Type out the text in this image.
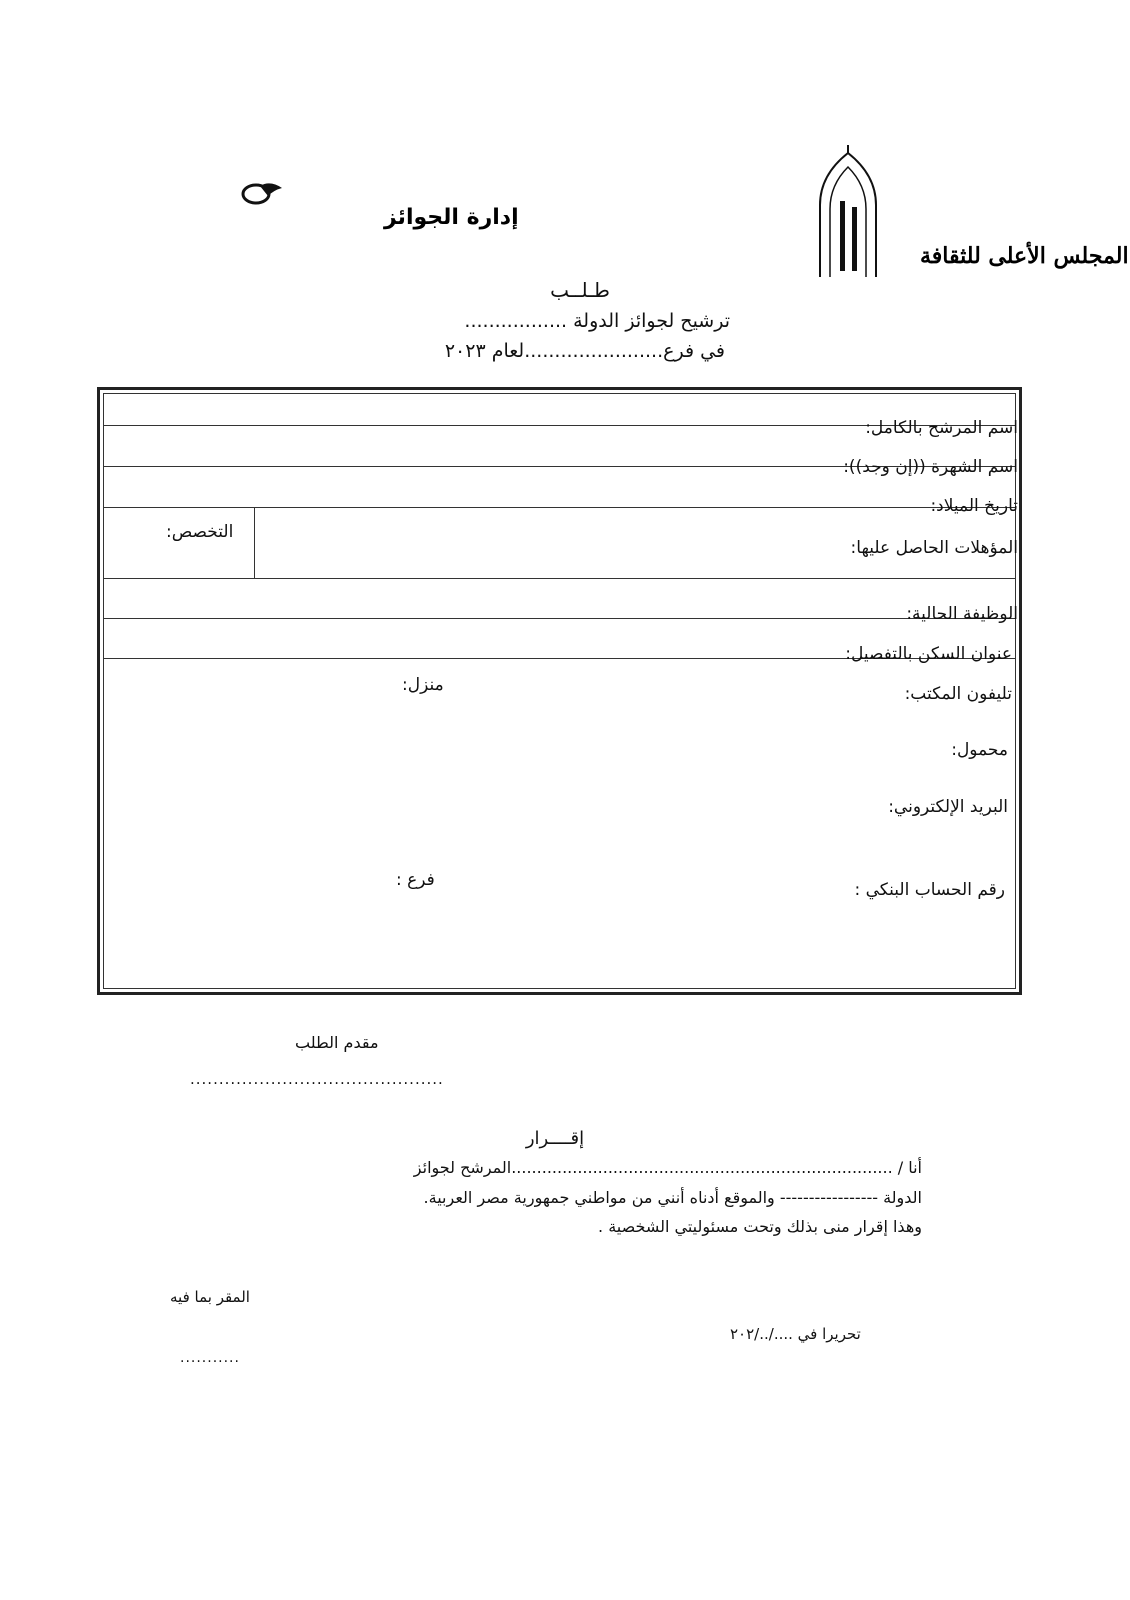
إدارة الجوائز
المجلس الأعلى للثقافة
طـلــب
ترشيح لجوائز الدولة .................
في فرع.......................لعام ٢٠٢٣
اسم المرشح بالكامل:
اسم الشهرة ((إن وجد)):
تاريخ الميلاد:
المؤهلات الحاصل عليها:
التخصص:
الوظيفة الحالية:
عنوان السكن بالتفصيل:
تليفون المكتب:
منزل:
محمول:
البريد الإلكتروني:
رقم الحساب البنكي :
فرع :
مقدم الطلب
............................................
إقــــرار
أنا / ...........................................................................المرشح لجوائز
الدولة ----------------- والموقع أدناه أنني من مواطني جمهورية مصر العربية.
وهذا إقرار منى بذلك وتحت مسئوليتي الشخصية .
المقر بما فيه
تحريرا في ..../../٢٠٢
...........
